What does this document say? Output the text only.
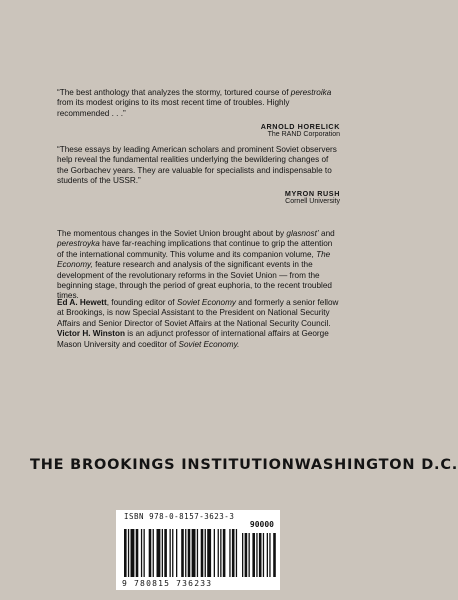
“The best anthology that analyzes the stormy, tortured course of perestroika from its modest origins to its most recent time of troubles. Highly recommended . . .”

ARNOLD HORELICK
The RAND Corporation

“These essays by leading American scholars and prominent Soviet observers help reveal the fundamental realities underlying the bewildering changes of the Gorbachev years. They are valuable for specialists and indispensable to students of the USSR.”

MYRON RUSH
Cornell University

The momentous changes in the Soviet Union brought about by glasnost’ and perestroyka have far-reaching implications that continue to grip the attention of the international community. This volume and its companion volume, The Economy, feature research and analysis of the significant events in the development of the revolutionary reforms in the Soviet Union — from the beginning stage, through the period of great euphoria, to the recent troubled times.

Ed A. Hewett, founding editor of Soviet Economy and formerly a senior fellow at Brookings, is now Special Assistant to the President on National Security Affairs and Senior Director of Soviet Affairs at the National Security Council.
Victor H. Winston is an adjunct professor of international affairs at George Mason University and coeditor of Soviet Economy.

THE BROOKINGS INSTITUTION WASHINGTON D.C.
ISBN 978-0-8157-3623-3
90000
9 780815 736233
